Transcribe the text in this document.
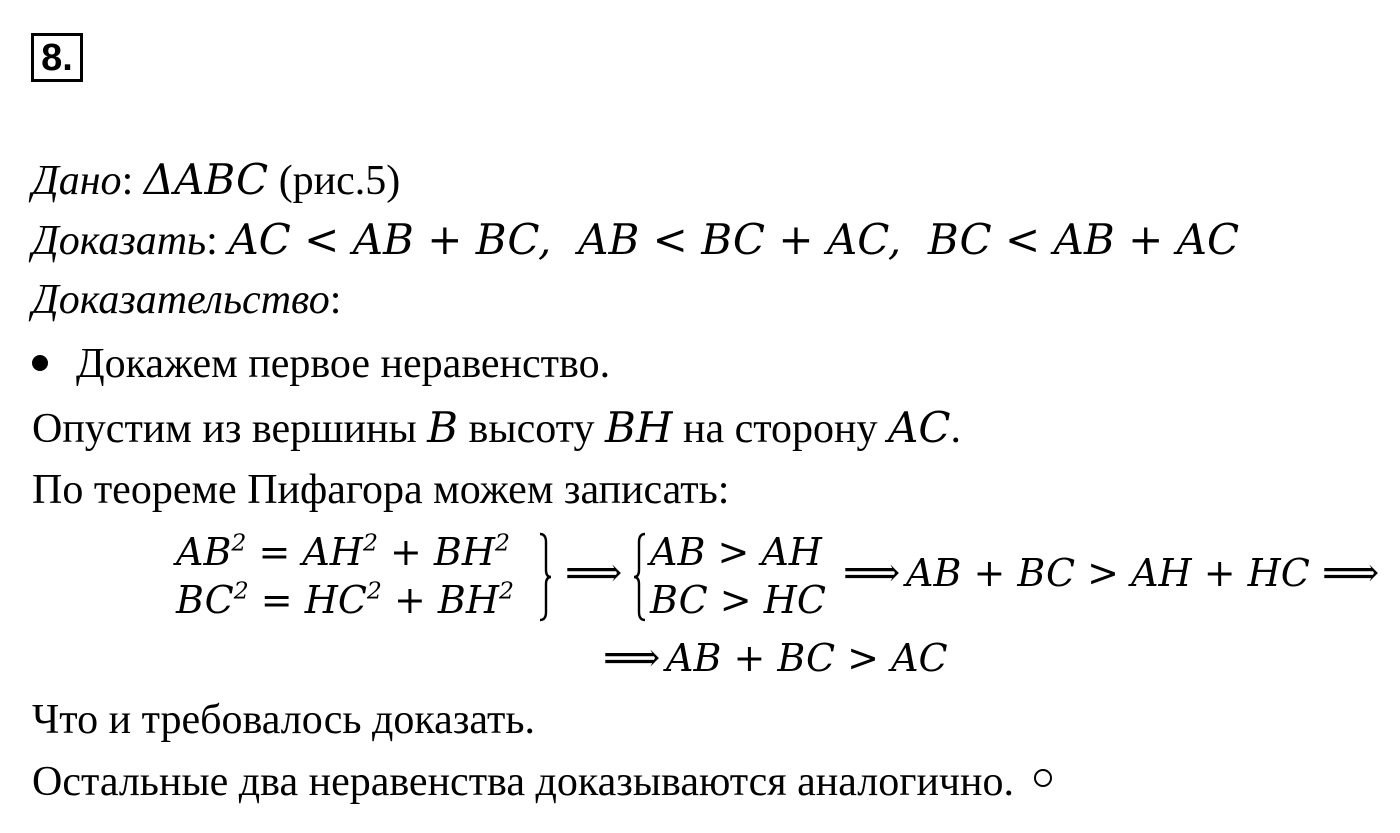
8.
Дано: ΔABC (рис.5)
Доказать: AC < AB + BC,  AB < BC + AC,  BC < AB + AC
Доказательство:
Докажем первое неравенство.
Опустим из вершины B высоту BH на сторону AC.
По теореме Пифагора можем записать:
$AB^2 = AH^2 + BH^2$
$BC^2 = HC^2 + BH^2$ ⟹ AB > AH
BC > HC
⟹ AB + BC > AH + HC ⟹
⟹ AB + BC > AC
Что и требовалось доказать.
Остальные два неравенства доказываются аналогично.
